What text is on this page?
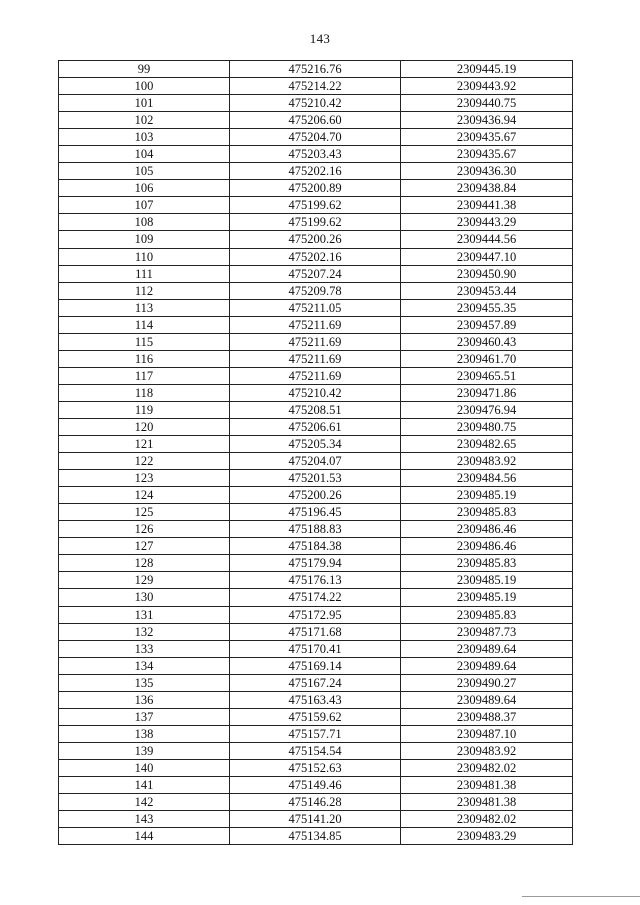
143
99	475216.76	2309445.19
100	475214.22	2309443.92
101	475210.42	2309440.75
102	475206.60	2309436.94
103	475204.70	2309435.67
104	475203.43	2309435.67
105	475202.16	2309436.30
106	475200.89	2309438.84
107	475199.62	2309441.38
108	475199.62	2309443.29
109	475200.26	2309444.56
110	475202.16	2309447.10
111	475207.24	2309450.90
112	475209.78	2309453.44
113	475211.05	2309455.35
114	475211.69	2309457.89
115	475211.69	2309460.43
116	475211.69	2309461.70
117	475211.69	2309465.51
118	475210.42	2309471.86
119	475208.51	2309476.94
120	475206.61	2309480.75
121	475205.34	2309482.65
122	475204.07	2309483.92
123	475201.53	2309484.56
124	475200.26	2309485.19
125	475196.45	2309485.83
126	475188.83	2309486.46
127	475184.38	2309486.46
128	475179.94	2309485.83
129	475176.13	2309485.19
130	475174.22	2309485.19
131	475172.95	2309485.83
132	475171.68	2309487.73
133	475170.41	2309489.64
134	475169.14	2309489.64
135	475167.24	2309490.27
136	475163.43	2309489.64
137	475159.62	2309488.37
138	475157.71	2309487.10
139	475154.54	2309483.92
140	475152.63	2309482.02
141	475149.46	2309481.38
142	475146.28	2309481.38
143	475141.20	2309482.02
144	475134.85	2309483.29
